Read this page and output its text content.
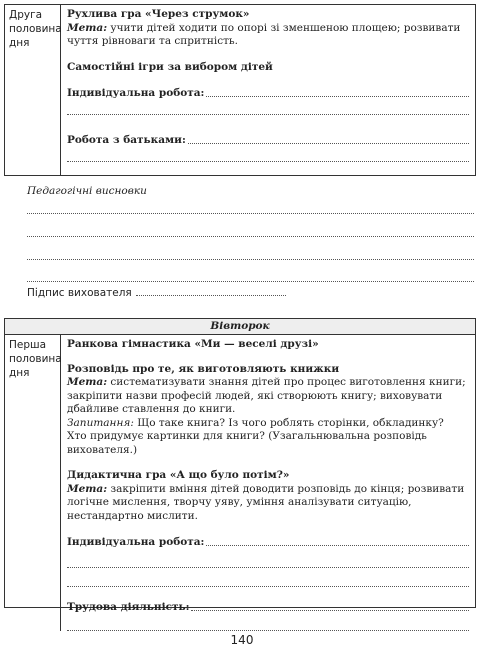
Друга половина дня

Рухлива гра «Через струмок»

Мета: учити дітей ходити по опорі зі зменшеною площею; розвивати чуття рівноваги та спритність.

Самостійні ігри за вибором дітей

Індивідуальна робота:
Робота з батьками:
Педагогічні висновки
Підпис вихователя
Вівторок
Перша половина дня

Ранкова гімнастика «Ми — веселі друзі»

Розповідь про те, як виготовляють книжки

Мета: систематизувати знання дітей про процес виготовлення книги; закріпити назви професій людей, які створюють книгу; виховувати дбайливе ставлення до книги.

Запитання: Що таке книга? Із чого роблять сторінки, обкладинку?

Хто придумує картинки для книги? (Узагальнювальна розповідь вихователя.)

Дидактична гра «А що було потім?»

Мета: закріпити вміння дітей доводити розповідь до кінця; розвивати логічне мислення, творчу уяву, уміння аналізувати ситуацію, нестандартно мислити.

Індивідуальна робота:
Трудова діяльність:
140
